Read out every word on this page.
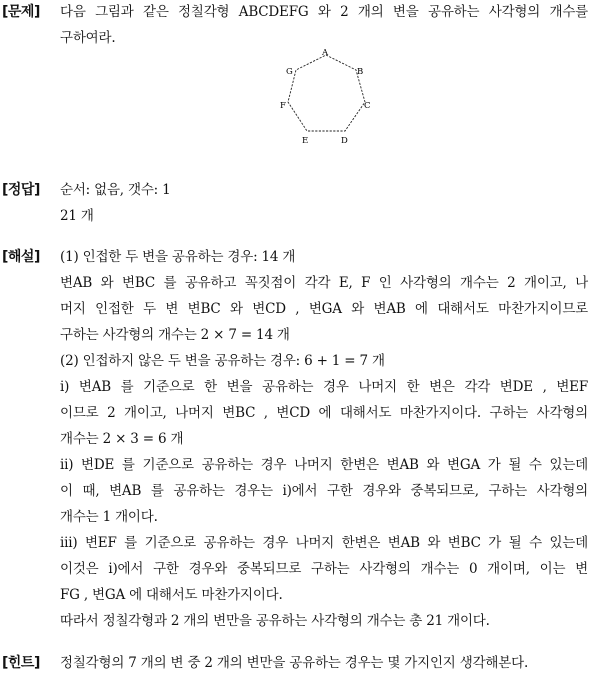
[문제] 다음 그림과 같은 정칠각형 ABCDEFG 와 2 개의 변을 공유하는 사각형의 개수를
구하여라.
A
B
C
D
E
F
G
[정답] 순서: 없음, 갯수: 1
21 개
[해설] (1) 인접한 두 변을 공유하는 경우: 14 개
변AB 와 변BC 를 공유하고 꼭짓점이 각각 E, F 인 사각형의 개수는 2 개이고, 나
머지 인접한 두 변 변BC 와 변CD , 변GA 와 변AB 에 대해서도 마찬가지이므로
구하는 사각형의 개수는 2 × 7 = 14 개
(2) 인접하지 않은 두 변을 공유하는 경우: 6 + 1 = 7 개
i) 변AB 를 기준으로 한 변을 공유하는 경우 나머지 한 변은 각각 변DE , 변EF
이므로 2 개이고, 나머지 변BC , 변CD 에 대해서도 마찬가지이다. 구하는 사각형의
개수는 2 × 3 = 6 개
ii) 변DE 를 기준으로 공유하는 경우 나머지 한변은 변AB 와 변GA 가 될 수 있는데
이 때, 변AB 를 공유하는 경우는 i)에서 구한 경우와 중복되므로, 구하는 사각형의
개수는 1 개이다.
iii) 변EF 를 기준으로 공유하는 경우 나머지 한변은 변AB 와 변BC 가 될 수 있는데
이것은 i)에서 구한 경우와 중복되므로 구하는 사각형의 개수는 0 개이며, 이는 변
FG , 변GA 에 대해서도 마찬가지이다.
따라서 정칠각형과 2 개의 변만을 공유하는 사각형의 개수는 총 21 개이다.
[힌트] 정칠각형의 7 개의 변 중 2 개의 변만을 공유하는 경우는 몇 가지인지 생각해본다.
